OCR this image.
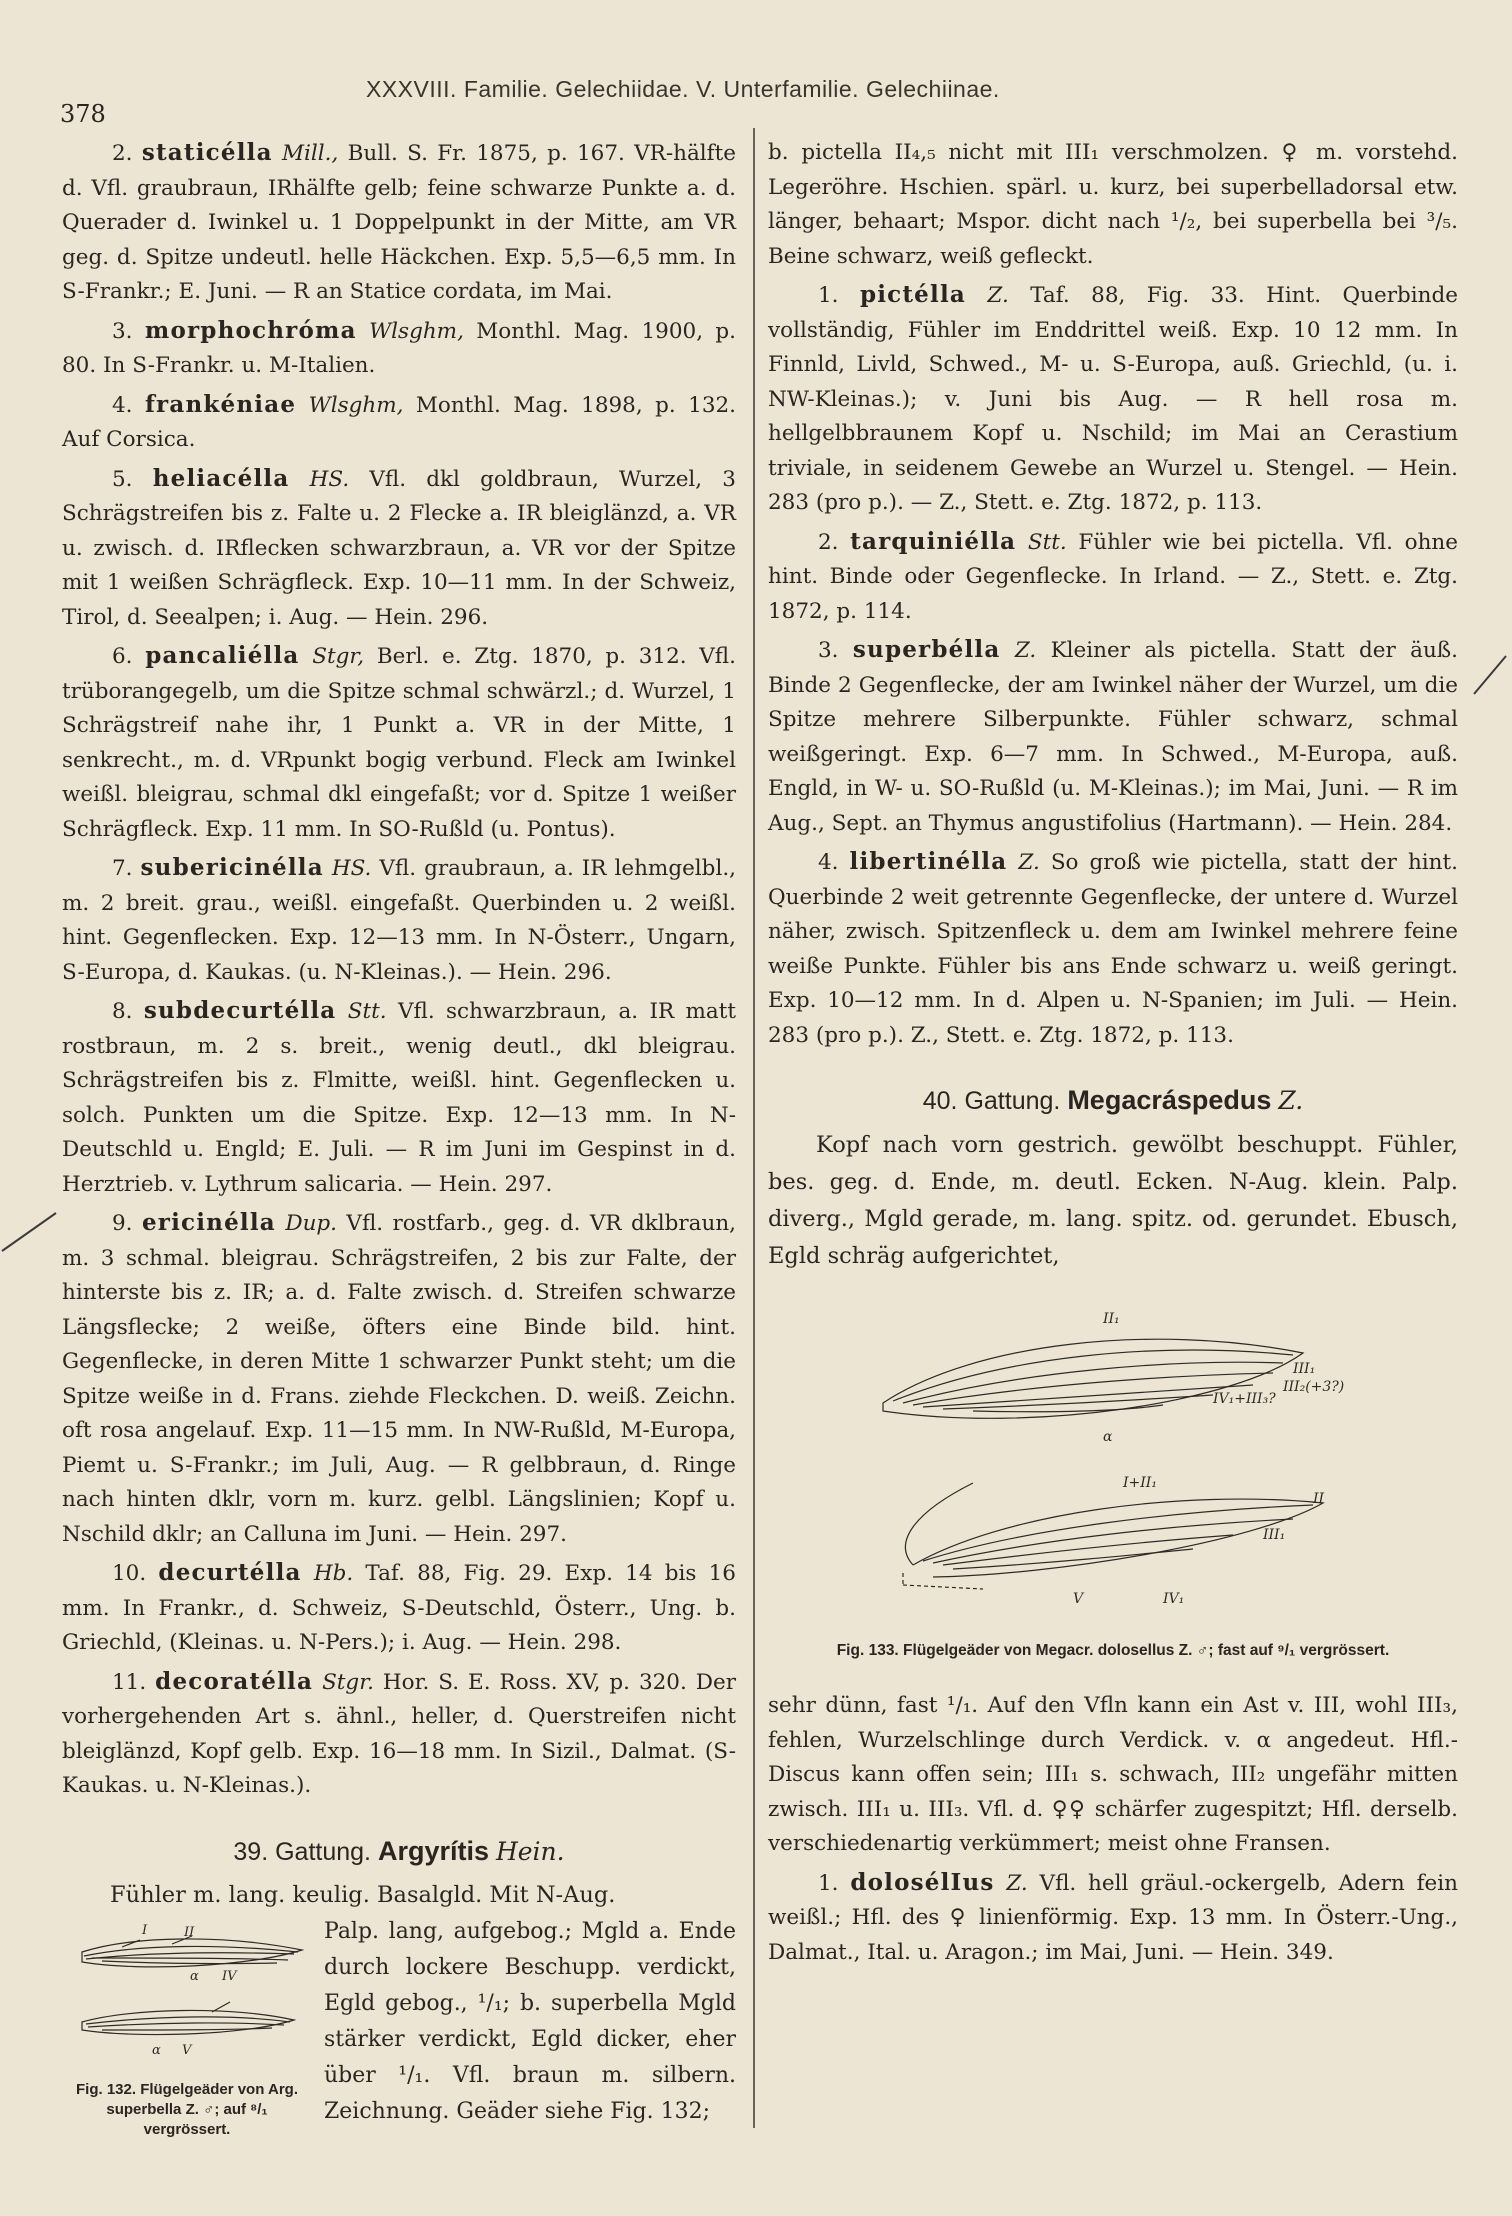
378
XXXVIII. Familie. Gelechiidae. V. Unterfamilie. Gelechiinae.
2. staticélla Mill., Bull. S. Fr. 1875, p. 167. VR-hälfte d. Vfl. graubraun, IRhälfte gelb; feine schwarze Punkte a. d. Querader d. Iwinkel u. 1 Doppelpunkt in der Mitte, am VR geg. d. Spitze undeutl. helle Häckchen. Exp. 5,5—6,5 mm. In S-Frankr.; E. Juni. — R an Statice cordata, im Mai.
3. morphochróma Wlsghm, Monthl. Mag. 1900, p. 80. In S-Frankr. u. M-Italien.
4. frankéniae Wlsghm, Monthl. Mag. 1898, p. 132. Auf Corsica.
5. heliacélla HS. Vfl. dkl goldbraun, Wurzel, 3 Schrägstreifen bis z. Falte u. 2 Flecke a. IR bleiglänzd, a. VR u. zwisch. d. IRflecken schwarzbraun, a. VR vor der Spitze mit 1 weißen Schrägfleck. Exp. 10—11 mm. In der Schweiz, Tirol, d. Seealpen; i. Aug. — Hein. 296.
6. pancaliélla Stgr, Berl. e. Ztg. 1870, p. 312. Vfl. trüborangegelb, um die Spitze schmal schwärzl.; d. Wurzel, 1 Schrägstreif nahe ihr, 1 Punkt a. VR in der Mitte, 1 senkrecht., m. d. VRpunkt bogig verbund. Fleck am Iwinkel weißl. bleigrau, schmal dkl eingefaßt; vor d. Spitze 1 weißer Schrägfleck. Exp. 11 mm. In SO-Rußld (u. Pontus).
7. subericinélla HS. Vfl. graubraun, a. IR lehmgelbl., m. 2 breit. grau., weißl. eingefaßt. Querbinden u. 2 weißl. hint. Gegenflecken. Exp. 12—13 mm. In N-Österr., Ungarn, S-Europa, d. Kaukas. (u. N-Kleinas.). — Hein. 296.
8. subdecurtélla Stt. Vfl. schwarzbraun, a. IR matt rostbraun, m. 2 s. breit., wenig deutl., dkl bleigrau. Schrägstreifen bis z. Flmitte, weißl. hint. Gegenflecken u. solch. Punkten um die Spitze. Exp. 12—13 mm. In N-Deutschld u. Engld; E. Juli. — R im Juni im Gespinst in d. Herztrieb. v. Lythrum salicaria. — Hein. 297.
9. ericinélla Dup. Vfl. rostfarb., geg. d. VR dklbraun, m. 3 schmal. bleigrau. Schrägstreifen, 2 bis zur Falte, der hinterste bis z. IR; a. d. Falte zwisch. d. Streifen schwarze Längsflecke; 2 weiße, öfters eine Binde bild. hint. Gegenflecke, in deren Mitte 1 schwarzer Punkt steht; um die Spitze weiße in d. Frans. ziehde Fleckchen. D. weiß. Zeichn. oft rosa angelauf. Exp. 11—15 mm. In NW-Rußld, M-Europa, Piemt u. S-Frankr.; im Juli, Aug. — R gelbbraun, d. Ringe nach hinten dklr, vorn m. kurz. gelbl. Längslinien; Kopf u. Nschild dklr; an Calluna im Juni. — Hein. 297.
10. decurtélla Hb. Taf. 88, Fig. 29. Exp. 14 bis 16 mm. In Frankr., d. Schweiz, S-Deutschld, Österr., Ung. b. Griechld, (Kleinas. u. N-Pers.); i. Aug. — Hein. 298.
11. decoratélla Stgr. Hor. S. E. Ross. XV, p. 320. Der vorhergehenden Art s. ähnl., heller, d. Querstreifen nicht bleiglänzd, Kopf gelb. Exp. 16—18 mm. In Sizil., Dalmat. (S-Kaukas. u. N-Kleinas.).
39. Gattung. Argyrítis Hein.
Fühler m. lang. keulig. Basalgld. Mit N-Aug.
I	II
α IV
α V
Fig. 132. Flügelgeäder von Arg. superbella Z. ♂; auf ⁸/₁ vergrössert.
Palp. lang, aufgebog.; Mgld a. Ende durch lockere Beschupp. verdickt, Egld gebog., ¹/₁; b. superbella Mgld stärker verdickt, Egld dicker, eher über ¹/₁. Vfl. braun m. silbern. Zeichnung. Geäder siehe Fig. 132;
b. pictella II₄,₅ nicht mit III₁ verschmolzen. ♀ m. vorstehd. Legeröhre. Hschien. spärl. u. kurz, bei superbelladorsal etw. länger, behaart; Mspor. dicht nach ¹/₂, bei superbella bei ³/₅. Beine schwarz, weiß gefleckt.
1. pictélla Z. Taf. 88, Fig. 33. Hint. Querbinde vollständig, Fühler im Enddrittel weiß. Exp. 10 12 mm. In Finnld, Livld, Schwed., M- u. S-Europa, auß. Griechld, (u. i. NW-Kleinas.); v. Juni bis Aug. — R hell rosa m. hellgelbbraunem Kopf u. Nschild; im Mai an Cerastium triviale, in seidenem Gewebe an Wurzel u. Stengel. — Hein. 283 (pro p.). — Z., Stett. e. Ztg. 1872, p. 113.
2. tarquiniélla Stt. Fühler wie bei pictella. Vfl. ohne hint. Binde oder Gegenflecke. In Irland. — Z., Stett. e. Ztg. 1872, p. 114.
3. superbélla Z. Kleiner als pictella. Statt der äuß. Binde 2 Gegenflecke, der am Iwinkel näher der Wurzel, um die Spitze mehrere Silberpunkte. Fühler schwarz, schmal weißgeringt. Exp. 6—7 mm. In Schwed., M-Europa, auß. Engld, in W- u. SO-Rußld (u. M-Kleinas.); im Mai, Juni. — R im Aug., Sept. an Thymus angustifolius (Hartmann). — Hein. 284.
4. libertinélla Z. So groß wie pictella, statt der hint. Querbinde 2 weit getrennte Gegenflecke, der untere d. Wurzel näher, zwisch. Spitzenfleck u. dem am Iwinkel mehrere feine weiße Punkte. Fühler bis ans Ende schwarz u. weiß geringt. Exp. 10—12 mm. In d. Alpen u. N-Spanien; im Juli. — Hein. 283 (pro p.). Z., Stett. e. Ztg. 1872, p. 113.
40. Gattung. Megacráspedus Z.
Kopf nach vorn gestrich. gewölbt beschuppt. Fühler, bes. geg. d. Ende, m. deutl. Ecken. N-Aug. klein. Palp. diverg., Mgld gerade, m. lang. spitz. od. gerundet. Ebusch, Egld schräg aufgerichtet,
II₁
III₁
III₂(+3?)
IV₁+III₃?
α
I+II₁
II
III₁
V	IV₁
Fig. 133. Flügelgeäder von Megacr. dolosellus Z. ♂; fast auf ⁹/₁ vergrössert.
sehr dünn, fast ¹/₁. Auf den Vfln kann ein Ast v. III, wohl III₃, fehlen, Wurzelschlinge durch Verdick. v. α angedeut. Hfl.-Discus kann offen sein; III₁ s. schwach, III₂ ungefähr mitten zwisch. III₁ u. III₃. Vfl. d. ♀♀ schärfer zugespitzt; Hfl. derselb. verschiedenartig verkümmert; meist ohne Fransen.
1. dolosélIus Z. Vfl. hell gräul.-ockergelb, Adern fein weißl.; Hfl. des ♀ linienförmig. Exp. 13 mm. In Österr.-Ung., Dalmat., Ital. u. Aragon.; im Mai, Juni. — Hein. 349.
